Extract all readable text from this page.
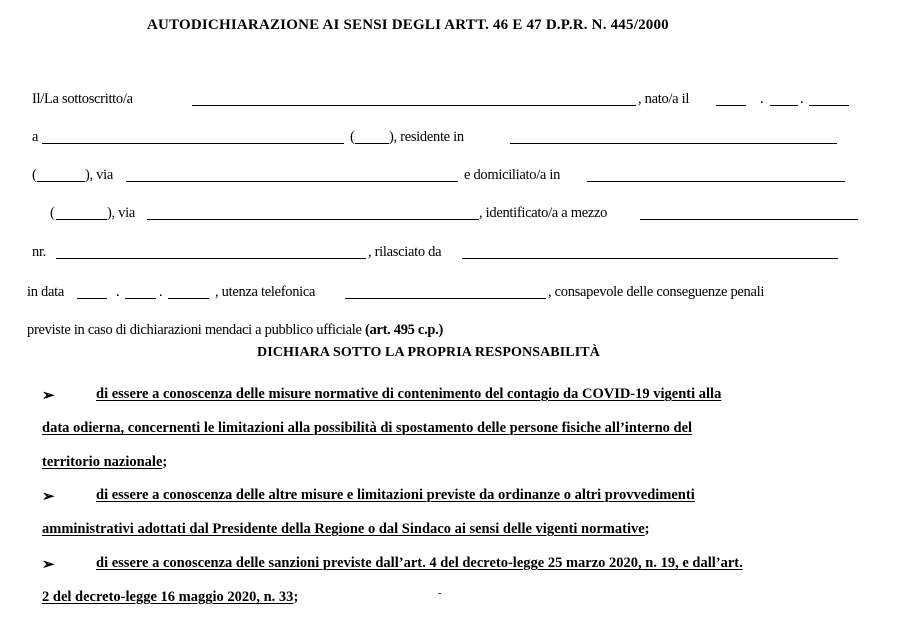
AUTODICHIARAZIONE AI SENSI DEGLI ARTT. 46 E 47 D.P.R. N. 445/2000
Il/La sottoscritto/a	, nato/a il	.	.
a	( ), residente in
(	), via	e domiciliato/a in
(	), via	, identificato/a a mezzo
nr.	, rilasciato da
in data	.	.	, utenza telefonica	, consapevole delle conseguenze penali
previste in caso di dichiarazioni mendaci a pubblico ufficiale (art. 495 c.p.)
DICHIARA SOTTO LA PROPRIA RESPONSABILITÀ
➢	di essere a conoscenza delle misure normative di contenimento del contagio da COVID-19 vigenti alla
data odierna, concernenti le limitazioni alla possibilità di spostamento delle persone fisiche all’interno del
territorio nazionale;
➢	di essere a conoscenza delle altre misure e limitazioni previste da ordinanze o altri provvedimenti
amministrativi adottati dal Presidente della Regione o dal Sindaco ai sensi delle vigenti normative;
➢	di essere a conoscenza delle sanzioni previste dall’art. 4 del decreto-legge 25 marzo 2020, n. 19, e dall’art.
2 del decreto-legge 16 maggio 2020, n. 33;	-
